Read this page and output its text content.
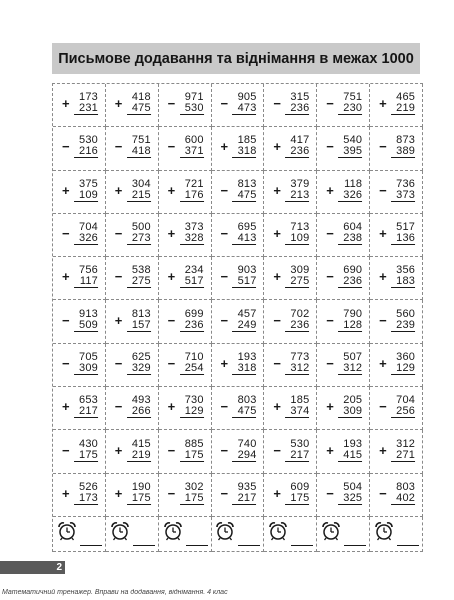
Письмове додавання та віднімання в межах 1000
+ 173
231 + 418
475 − 971
530 − 905
473 − 315
236 − 751
230 + 465
219
− 530
216 − 751
418 − 600
371 + 185
318 + 417
236 − 540
395 − 873
389
+ 375
109 + 304
215 + 721
176 − 813
475 + 379
213 + 118
326 − 736
373
− 704
326 − 500
273 + 373
328 − 695
413 + 713
109 − 604
238 + 517
136
+ 756
117 − 538
275 + 234
517 − 903
517 + 309
275 − 690
236 + 356
183
− 913
509 + 813
157 − 699
236 − 457
249 − 702
236 − 790
128 − 560
239
− 705
309 − 625
329 − 710
254 + 193
318 − 773
312 − 507
312 + 360
129
+ 653
217 − 493
266 + 730
129 − 803
475 + 185
374 + 205
309 − 704
256
− 430
175 + 415
219 − 885
175 − 740
294 − 530
217 + 193
415 + 312
271
+ 526
173 + 190
175 − 302
175 − 935
217 + 609
175 − 504
325 − 803
402
2
Математичний тренажер. Вправи на додавання, віднімання. 4 клас
